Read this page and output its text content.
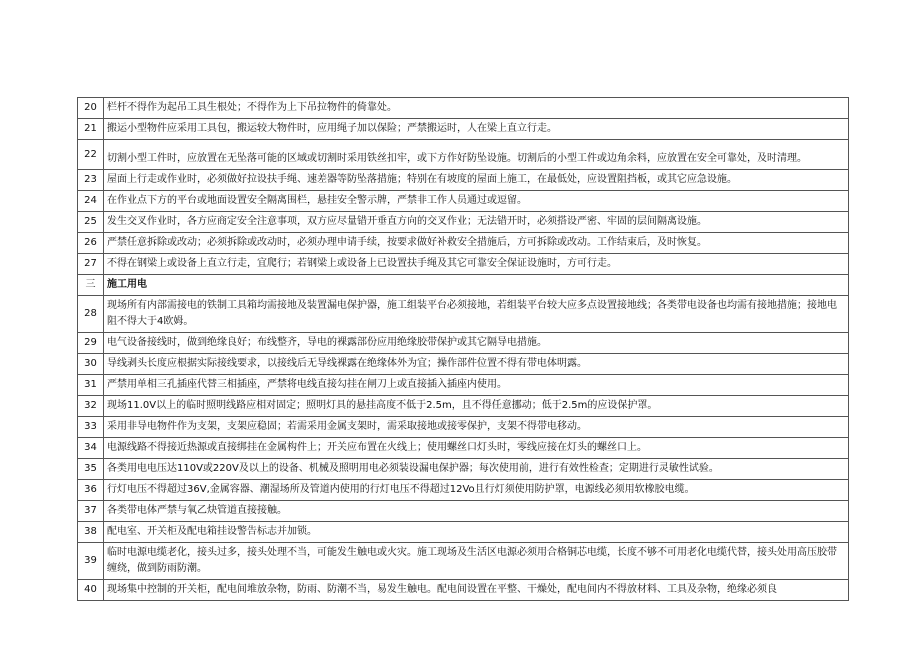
20	栏杆不得作为起吊工具生根处；不得作为上下吊拉物件的倚靠处。
21	搬运小型物件应采用工具包，搬运较大物件时，应用绳子加以保险；严禁搬运时，人在梁上直立行走。
22	切割小型工件时，应放置在无坠落可能的区域或切割时采用铁丝扣牢，或下方作好防坠设施。切割后的小型工件或边角余料，应放置在安全可靠处，及时清理。
23	屋面上行走或作业时，必须做好拉设扶手绳、速差器等防坠落措施；特别在有坡度的屋面上施工，在最低处，应设置阻挡板，或其它应急设施。
24	在作业点下方的平台或地面设置安全隔离围栏，悬挂安全警示牌，严禁非工作人员通过或逗留。
25	发生交叉作业时，各方应商定安全注意事项，双方应尽量错开垂直方向的交叉作业；无法错开时，必须搭设严密、牢固的层间隔离设施。
26	严禁任意拆除或改动；必须拆除或改动时，必须办理申请手续，按要求做好补救安全措施后，方可拆除或改动。工作结束后，及时恢复。
27	不得在钢梁上或设备上直立行走，宜爬行；若钢梁上或设备上已设置扶手绳及其它可靠安全保证设施时，方可行走。
三	施工用电
28	现场所有内部需接电的铁制工具箱均需接地及装置漏电保护器，施工组装平台必须接地，若组装平台较大应多点设置接地线；各类带电设备也均需有接地措施；接地电阻不得大于4欧姆。
29	电气设备接线时，做到绝缘良好；布线整齐，导电的裸露部份应用绝缘胶带保护或其它隔导电措施。
30	导线剥头长度应根据实际接线要求，以接线后无导线裸露在绝缘体外为宜；操作部件位置不得有带电体明露。
31	严禁用单相三孔插座代替三相插座，严禁将电线直接勾挂在闸刀上或直接插入插座内使用。
32	现场11.0V以上的临时照明线路应相对固定；照明灯具的悬挂高度不低于2.5m，且不得任意挪动；低于2.5m的应设保护罩。
33	采用非导电物件作为支架，支架应稳固；若需采用金属支架时，需采取接地或接零保护，支架不得带电移动。
34	电源线路不得接近热源或直接绑挂在金属构件上；开关应布置在火线上；使用螺丝口灯头时，零线应接在灯头的螺丝口上。
35	各类用电电压达110V或220V及以上的设备、机械及照明用电必须装设漏电保护器；每次使用前，进行有效性检查；定期进行灵敏性试验。
36	行灯电压不得超过36V,金属容器、潮湿场所及管道内使用的行灯电压不得超过12Vo且行灯须使用防护罩，电源线必须用软橡胶电缆。
37	各类带电体严禁与氧乙炔管道直接接触。
38	配电室、开关柜及配电箱挂设警告标志并加锁。
39	临时电源电缆老化，接头过多，接头处理不当，可能发生触电或火灾。施工现场及生活区电源必须用合格铜芯电缆，长度不够不可用老化电缆代替，接头处用高压胶带缠绕，做到防雨防潮。
40	现场集中控制的开关柜，配电间堆放杂物，防雨、防潮不当，易发生触电。配电间设置在平整、干燥处，配电间内不得放材料、工具及杂物，绝缘必须良
